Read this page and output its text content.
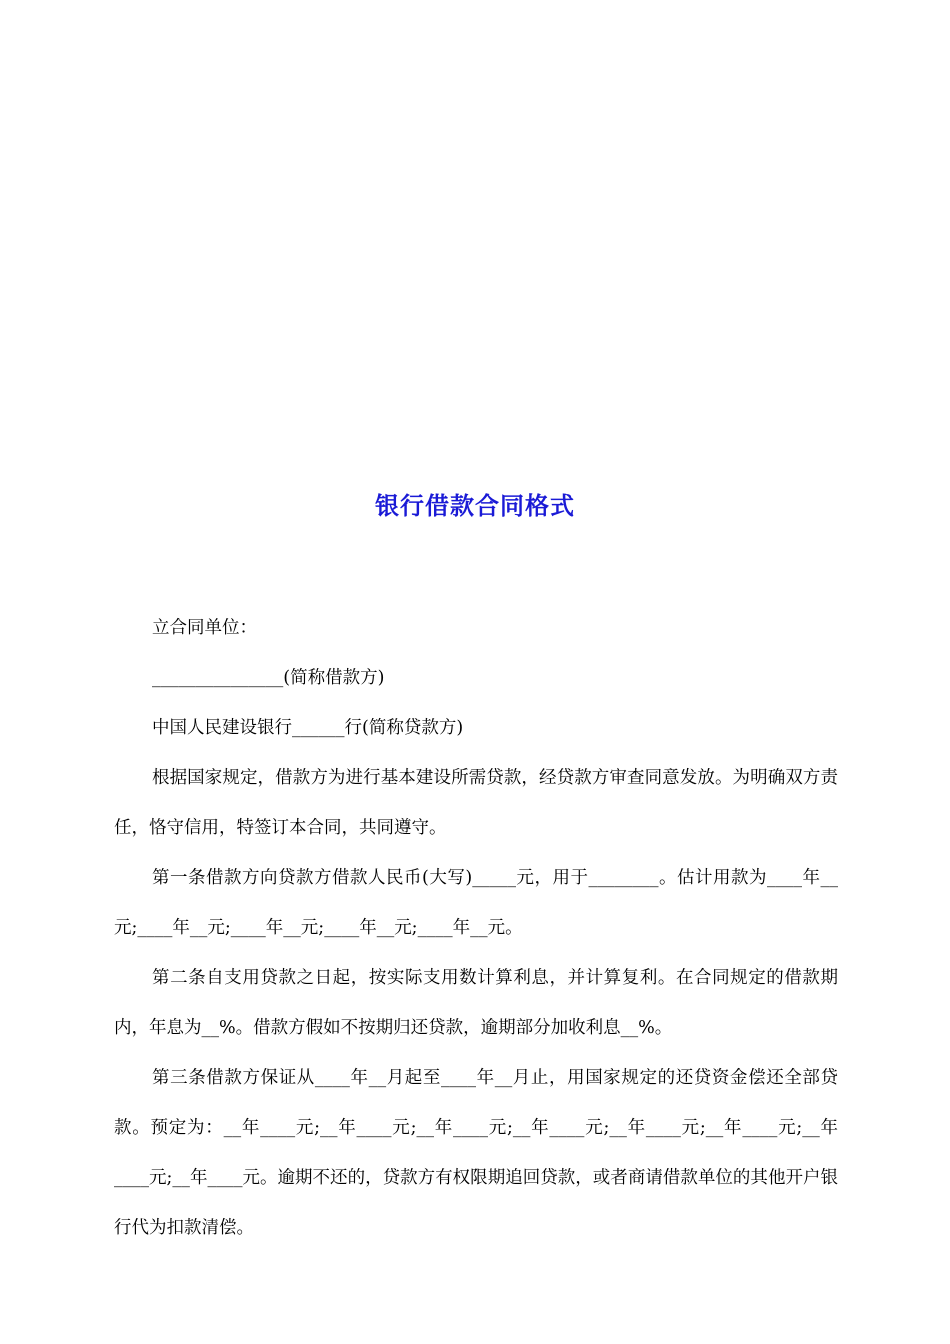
银行借款合同格式

立合同单位：

_______________(简称借款方)

中国人民建设银行______行(简称贷款方)

根据国家规定，借款方为进行基本建设所需贷款，经贷款方审查同意发放。为明确双方责任，恪守信用，特签订本合同，共同遵守。

第一条借款方向贷款方借款人民币(大写)_____元，用于________。估计用款为____年__元;____年__元;____年__元;____年__元;____年__元。

第二条自支用贷款之日起，按实际支用数计算利息，并计算复利。在合同规定的借款期内，年息为__%。借款方假如不按期归还贷款，逾期部分加收利息__%。

第三条借款方保证从____年__月起至____年__月止，用国家规定的还贷资金偿还全部贷款。预定为：__年____元;__年____元;__年____元;__年____元;__年____元;__年____元;__年____元;__年____元。逾期不还的，贷款方有权限期追回贷款，或者商请借款单位的其他开户银行代为扣款清偿。
